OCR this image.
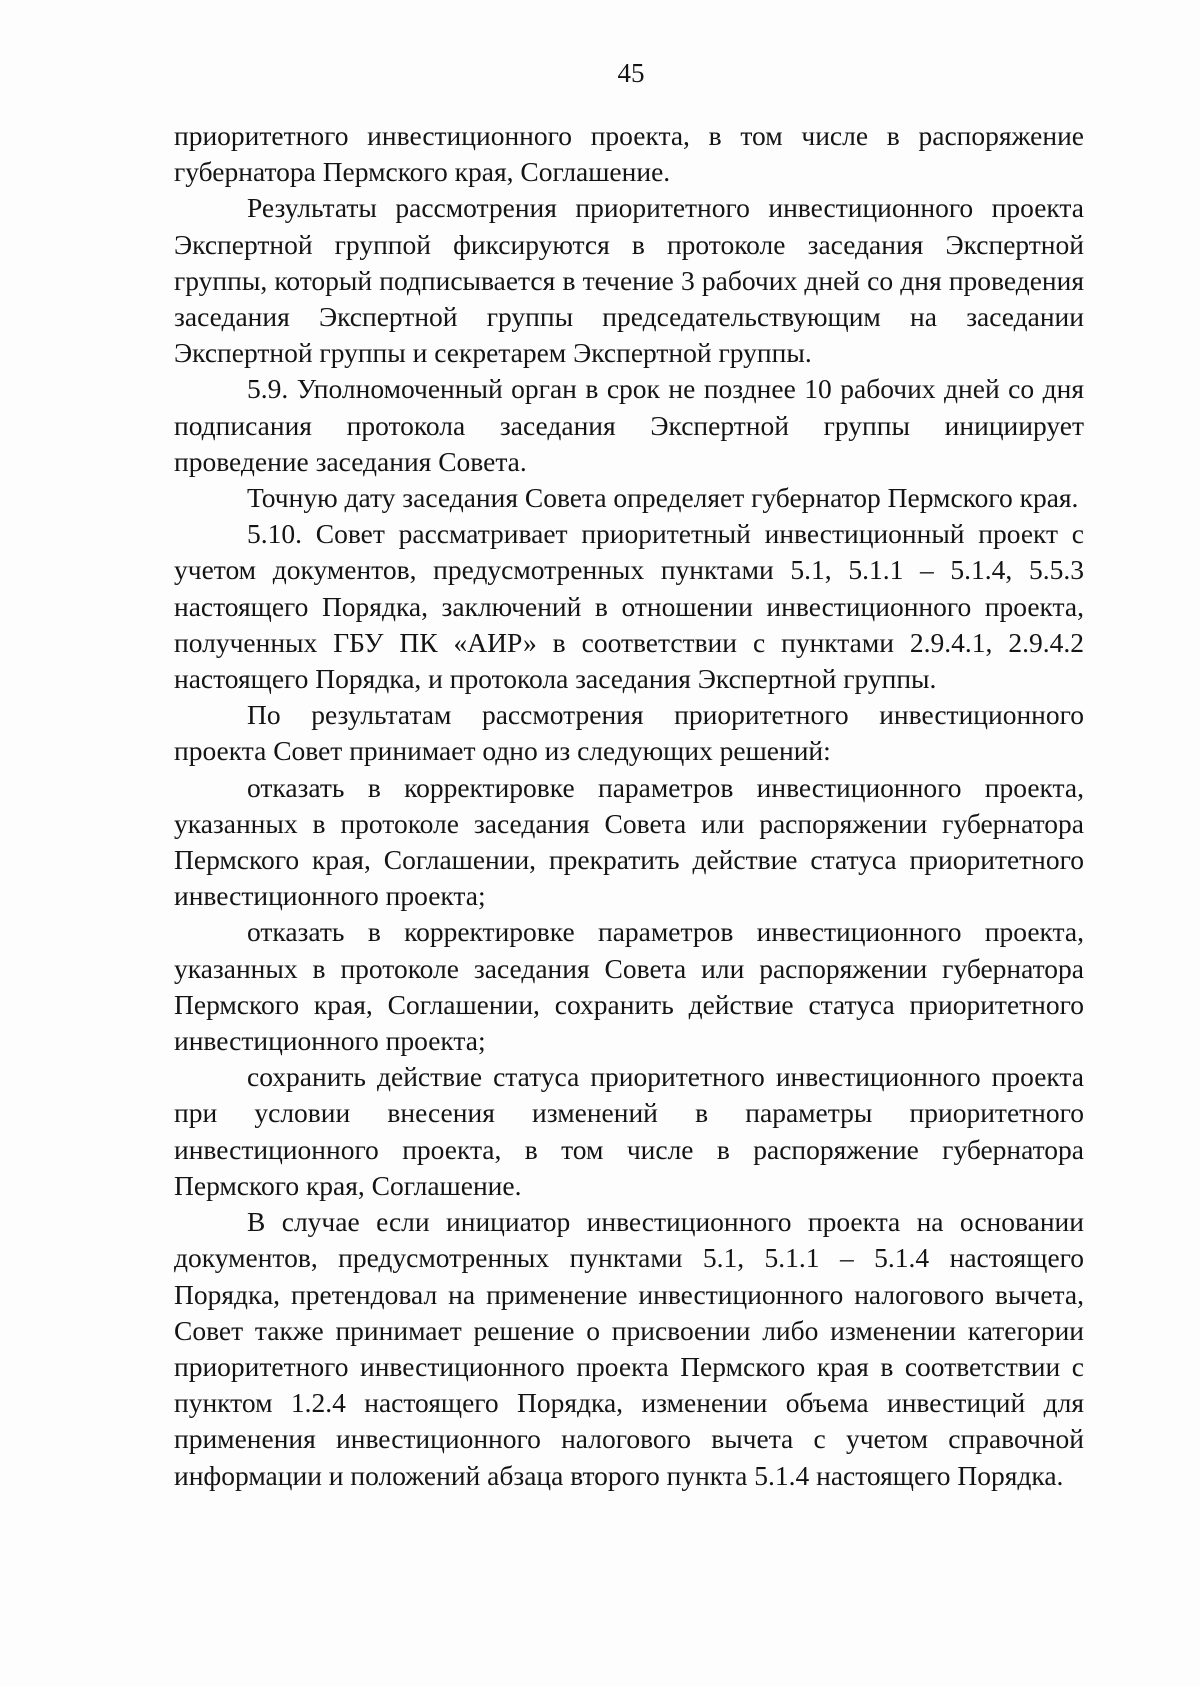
45

приоритетного инвестиционного проекта, в том числе в распоряжение губернатора Пермского края, Соглашение.

Результаты рассмотрения приоритетного инвестиционного проекта Экспертной группой фиксируются в протоколе заседания Экспертной группы, который подписывается в течение 3 рабочих дней со дня проведения заседания Экспертной группы председательствующим на заседании Экспертной группы и секретарем Экспертной группы.

5.9. Уполномоченный орган в срок не позднее 10 рабочих дней со дня подписания протокола заседания Экспертной группы инициирует проведение заседания Совета.

Точную дату заседания Совета определяет губернатор Пермского края.

5.10. Совет рассматривает приоритетный инвестиционный проект с учетом документов, предусмотренных пунктами 5.1, 5.1.1 – 5.1.4, 5.5.3 настоящего Порядка, заключений в отношении инвестиционного проекта, полученных ГБУ ПК «АИР» в соответствии с пунктами 2.9.4.1, 2.9.4.2 настоящего Порядка, и протокола заседания Экспертной группы.

По результатам рассмотрения приоритетного инвестиционного проекта Совет принимает одно из следующих решений:

отказать в корректировке параметров инвестиционного проекта, указанных в протоколе заседания Совета или распоряжении губернатора Пермского края, Соглашении, прекратить действие статуса приоритетного инвестиционного проекта;

отказать в корректировке параметров инвестиционного проекта, указанных в протоколе заседания Совета или распоряжении губернатора Пермского края, Соглашении, сохранить действие статуса приоритетного инвестиционного проекта;

сохранить действие статуса приоритетного инвестиционного проекта при условии внесения изменений в параметры приоритетного инвестиционного проекта, в том числе в распоряжение губернатора Пермского края, Соглашение.

В случае если инициатор инвестиционного проекта на основании документов, предусмотренных пунктами 5.1, 5.1.1 – 5.1.4 настоящего Порядка, претендовал на применение инвестиционного налогового вычета, Совет также принимает решение о присвоении либо изменении категории приоритетного инвестиционного проекта Пермского края в соответствии с пунктом 1.2.4 настоящего Порядка, изменении объема инвестиций для применения инвестиционного налогового вычета с учетом справочной информации и положений абзаца второго пункта 5.1.4 настоящего Порядка.
